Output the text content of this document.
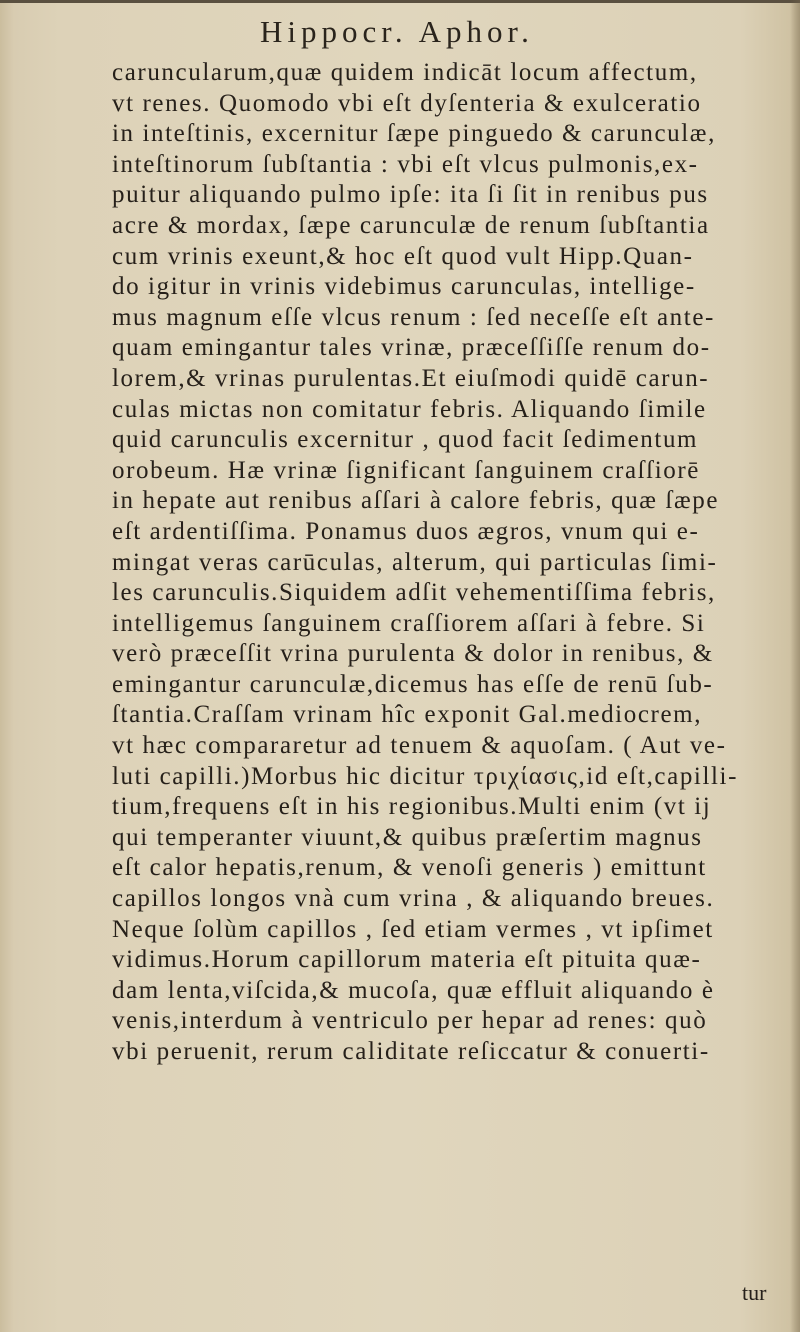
Hippocr. Aphor.
caruncularum,quæ quidem indicāt locum affectum,
vt renes. Quomodo vbi eſt dyſenteria & exulceratio
in inteſtinis, excernitur ſæpe pinguedo & carunculæ,
inteſtinorum ſubſtantia : vbi eſt vlcus pulmonis,ex-
puitur aliquando pulmo ipſe: ita ſi ſit in renibus pus
acre & mordax, ſæpe carunculæ de renum ſubſtantia
cum vrinis exeunt,& hoc eſt quod vult Hipp.Quan-
do igitur in vrinis videbimus carunculas, intellige-
mus magnum eſſe vlcus renum : ſed neceſſe eſt ante-
quam emingantur tales vrinæ, præceſſiſſe renum do-
lorem,& vrinas purulentas.Et eiuſmodi quidē carun-
culas mictas non comitatur febris. Aliquando ſimile
quid carunculis excernitur , quod facit ſedimentum
orobeum. Hæ vrinæ ſignificant ſanguinem craſſiorē
in hepate aut renibus aſſari à calore febris, quæ ſæpe
eſt ardentiſſima. Ponamus duos ægros, vnum qui e-
mingat veras carūculas, alterum, qui particulas ſimi-
les carunculis.Siquidem adſit vehementiſſima febris,
intelligemus ſanguinem craſſiorem aſſari à febre. Si
verò præceſſit vrina purulenta & dolor in renibus, &
emingantur carunculæ,dicemus has eſſe de renū ſub-
ſtantia.Craſſam vrinam hîc exponit Gal.mediocrem,
vt hæc compararetur ad tenuem & aquoſam. ( Aut ve-
luti capilli.)Morbus hic dicitur τριχίασις,id eſt,capilli-
tium,frequens eſt in his regionibus.Multi enim (vt ij
qui temperanter viuunt,& quibus præſertim magnus
eſt calor hepatis,renum, & venoſi generis ) emittunt
capillos longos vnà cum vrina , & aliquando breues.
Neque ſolùm capillos , ſed etiam vermes , vt ipſimet
vidimus.Horum capillorum materia eſt pituita quæ-
dam lenta,viſcida,& mucoſa, quæ effluit aliquando è
venis,interdum à ventriculo per hepar ad renes: quò
vbi peruenit, rerum caliditate reſiccatur & conuerti-
tur
